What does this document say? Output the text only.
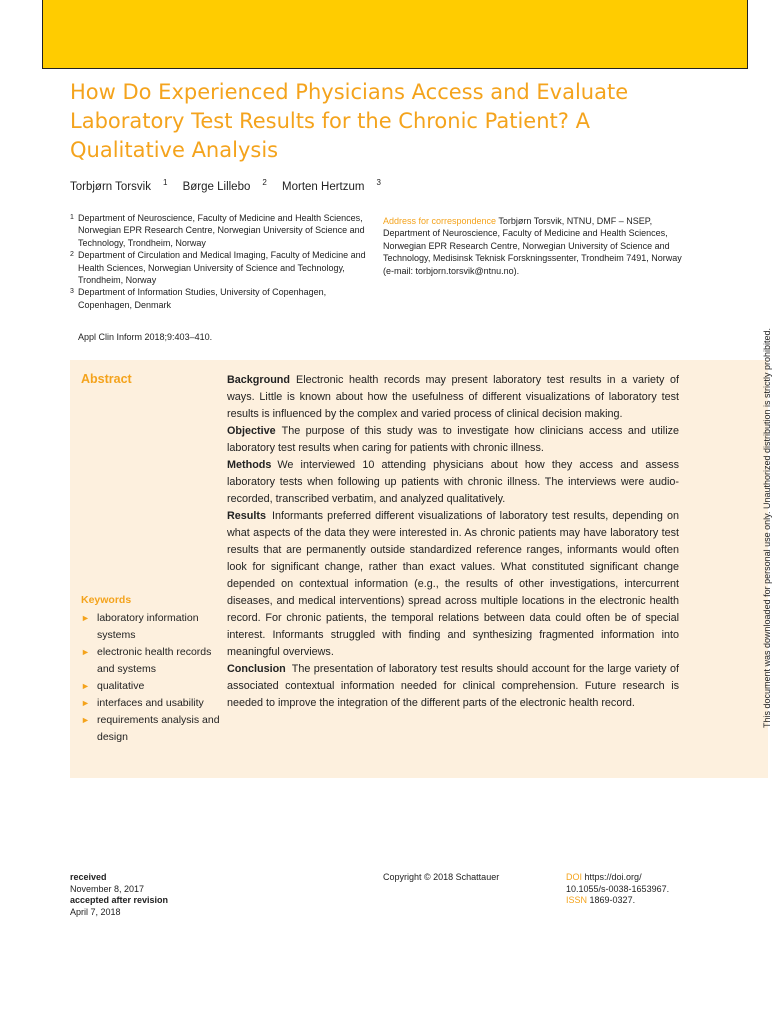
How Do Experienced Physicians Access and Evaluate Laboratory Test Results for the Chronic Patient? A Qualitative Analysis
Torbjørn Torsvik $^1$ Børge Lillebo $^2$ Morten Hertzum $^3$
1 Department of Neuroscience, Faculty of Medicine and Health Sciences, Norwegian EPR Research Centre, Norwegian University of Science and Technology, Trondheim, Norway
2 Department of Circulation and Medical Imaging, Faculty of Medicine and Health Sciences, Norwegian University of Science and Technology, Trondheim, Norway
3 Department of Information Studies, University of Copenhagen, Copenhagen, Denmark
Address for correspondence Torbjørn Torsvik, NTNU, DMF – NSEP, Department of Neuroscience, Faculty of Medicine and Health Sciences, Norwegian EPR Research Centre, Norwegian University of Science and Technology, Medisinsk Teknisk Forskningssenter, Trondheim 7491, Norway (e-mail: torbjorn.torsvik@ntnu.no).
Appl Clin Inform 2018;9:403–410.
Abstract	Background Electronic health records may present laboratory test results in a variety of ways. Little is known about how the usefulness of different visualizations of laboratory test results is influenced by the complex and varied process of clinical decision making.

Objective The purpose of this study was to investigate how clinicians access and utilize laboratory test results when caring for patients with chronic illness.

Methods We interviewed 10 attending physicians about how they access and assess laboratory tests when following up patients with chronic illness. The interviews were audio-recorded, transcribed verbatim, and analyzed qualitatively.

Results Informants preferred different visualizations of laboratory test results, depending on what aspects of the data they were interested in. As chronic patients may have laboratory test results that are permanently outside standardized reference ranges, informants would often look for significant change, rather than exact values. What constituted significant change depended on contextual information (e.g., the results of other investigations, intercurrent diseases, and medical interventions) spread across multiple locations in the electronic health record. For chronic patients, the temporal relations between data could often be of special interest. Informants struggled with finding and synthesizing fragmented information into meaningful overviews.

Conclusion The presentation of laboratory test results should account for the large variety of associated contextual information needed for clinical comprehension. Future research is needed to improve the integration of the different parts of the electronic health record.

Keywords
► laboratory information systems
► electronic health records and systems
► qualitative
► interfaces and usability
► requirements analysis and design
This document was downloaded for personal use only. Unauthorized distribution is strictly prohibited.
received
November 8, 2017
accepted after revision
April 7, 2018
Copyright © 2018 Schattauer	DOI https://doi.org/
10.1055/s-0038-1653967.
ISSN 1869-0327.
